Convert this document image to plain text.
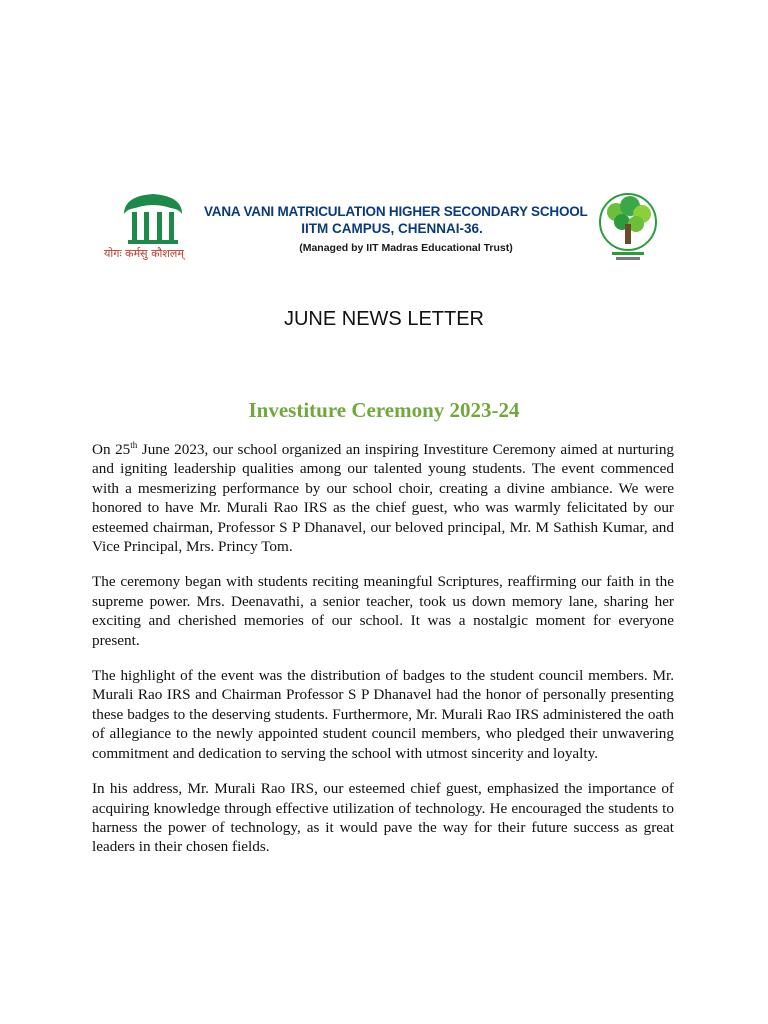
योगः कर्मसु कौशलम्
VANA VANI MATRICULATION HIGHER SECONDARY SCHOOL
IITM CAMPUS, CHENNAI-36.
(Managed by IIT Madras Educational Trust)
JUNE NEWS LETTER
Investiture Ceremony 2023-24

On 25th June 2023, our school organized an inspiring Investiture Ceremony aimed at nurturing and igniting leadership qualities among our talented young students. The event commenced with a mesmerizing performance by our school choir, creating a divine ambiance. We were honored to have Mr. Murali Rao IRS as the chief guest, who was warmly felicitated by our esteemed chairman, Professor S P Dhanavel, our beloved principal, Mr. M Sathish Kumar, and Vice Principal, Mrs. Princy Tom.

The ceremony began with students reciting meaningful Scriptures, reaffirming our faith in the supreme power. Mrs. Deenavathi, a senior teacher, took us down memory lane, sharing her exciting and cherished memories of our school. It was a nostalgic moment for everyone present.

The highlight of the event was the distribution of badges to the student council members. Mr. Murali Rao IRS and Chairman Professor S P Dhanavel had the honor of personally presenting these badges to the deserving students. Furthermore, Mr. Murali Rao IRS administered the oath of allegiance to the newly appointed student council members, who pledged their unwavering commitment and dedication to serving the school with utmost sincerity and loyalty.

In his address, Mr. Murali Rao IRS, our esteemed chief guest, emphasized the importance of acquiring knowledge through effective utilization of technology. He encouraged the students to harness the power of technology, as it would pave the way for their future success as great leaders in their chosen fields.
